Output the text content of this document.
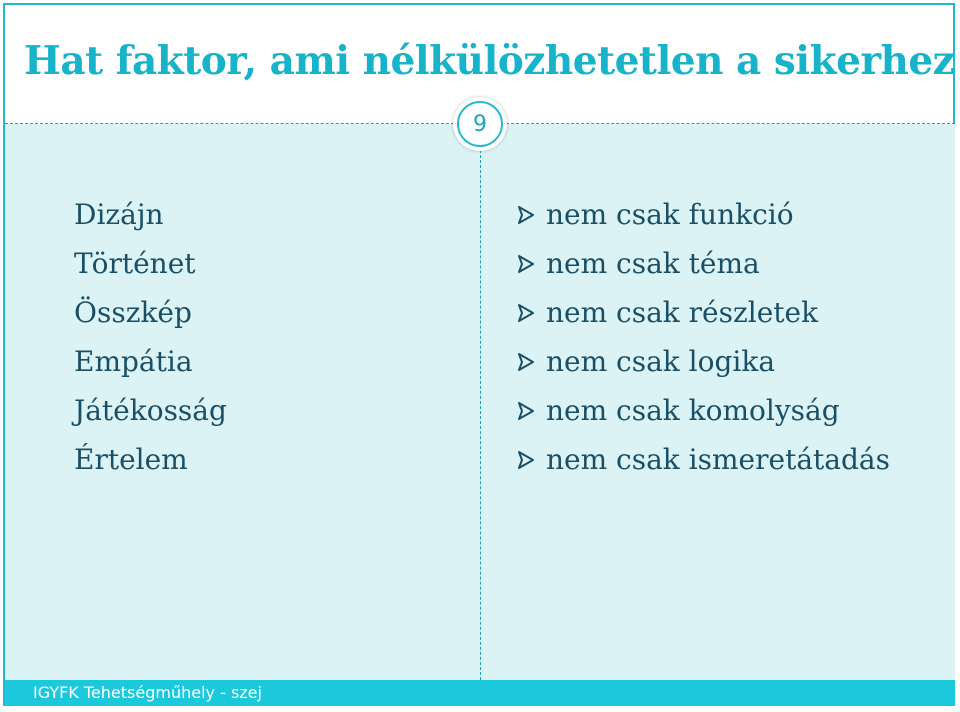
Hat faktor, ami nélkülözhetetlen a sikerhez
9
Dizájn
Történet
Összkép
Empátia
Játékosság
Értelem
nem csak funkció
nem csak téma
nem csak részletek
nem csak logika
nem csak komolyság
nem csak ismeretátadás
IGYFK Tehetségműhely - szej
